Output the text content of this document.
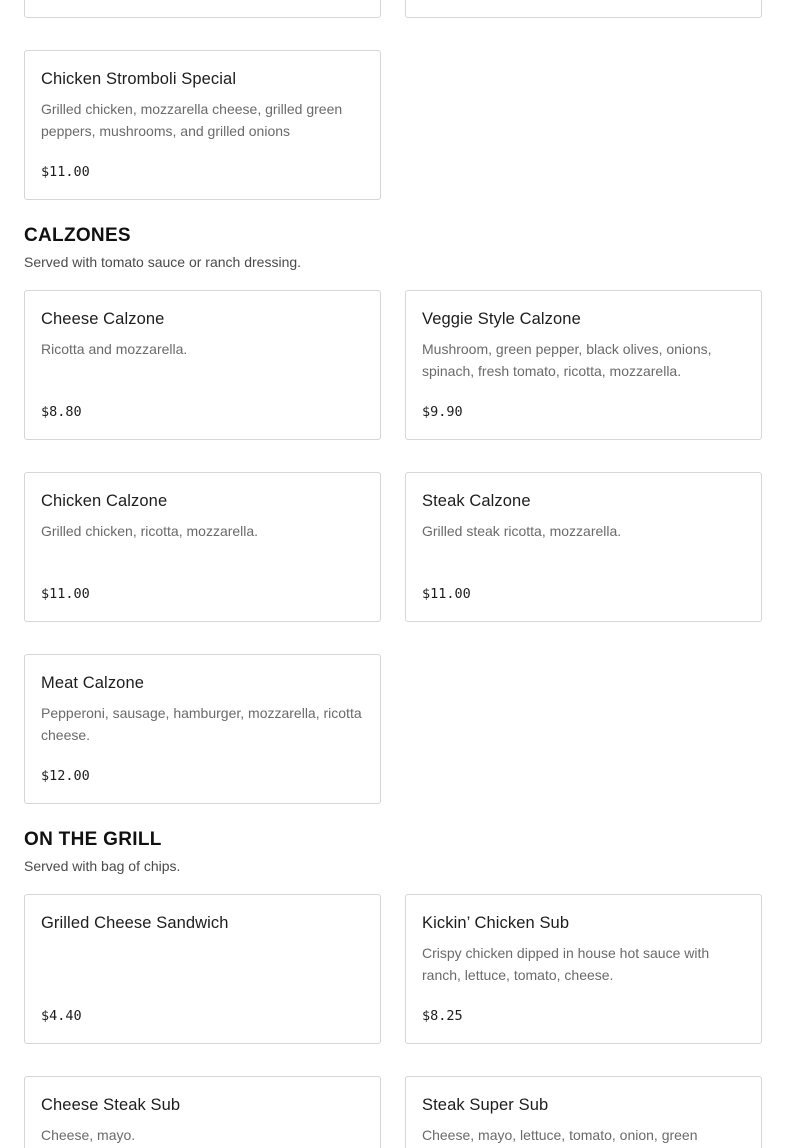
Chicken Stromboli Special
Grilled chicken, mozzarella cheese, grilled green peppers, mushrooms, and grilled onions
$11.00
CALZONES
Served with tomato sauce or ranch dressing.
Cheese Calzone
Ricotta and mozzarella.
$8.80
Veggie Style Calzone
Mushroom, green pepper, black olives, onions, spinach, fresh tomato, ricotta, mozzarella.
$9.90
Chicken Calzone
Grilled chicken, ricotta, mozzarella.
$11.00
Steak Calzone
Grilled steak ricotta, mozzarella.
$11.00
Meat Calzone
Pepperoni, sausage, hamburger, mozzarella, ricotta cheese.
$12.00
ON THE GRILL
Served with bag of chips.
Grilled Cheese Sandwich
$4.40
Kickin’ Chicken Sub
Crispy chicken dipped in house hot sauce with ranch, lettuce, tomato, cheese.
$8.25
Cheese Steak Sub
Cheese, mayo.
Steak Super Sub
Cheese, mayo, lettuce, tomato, onion, green
